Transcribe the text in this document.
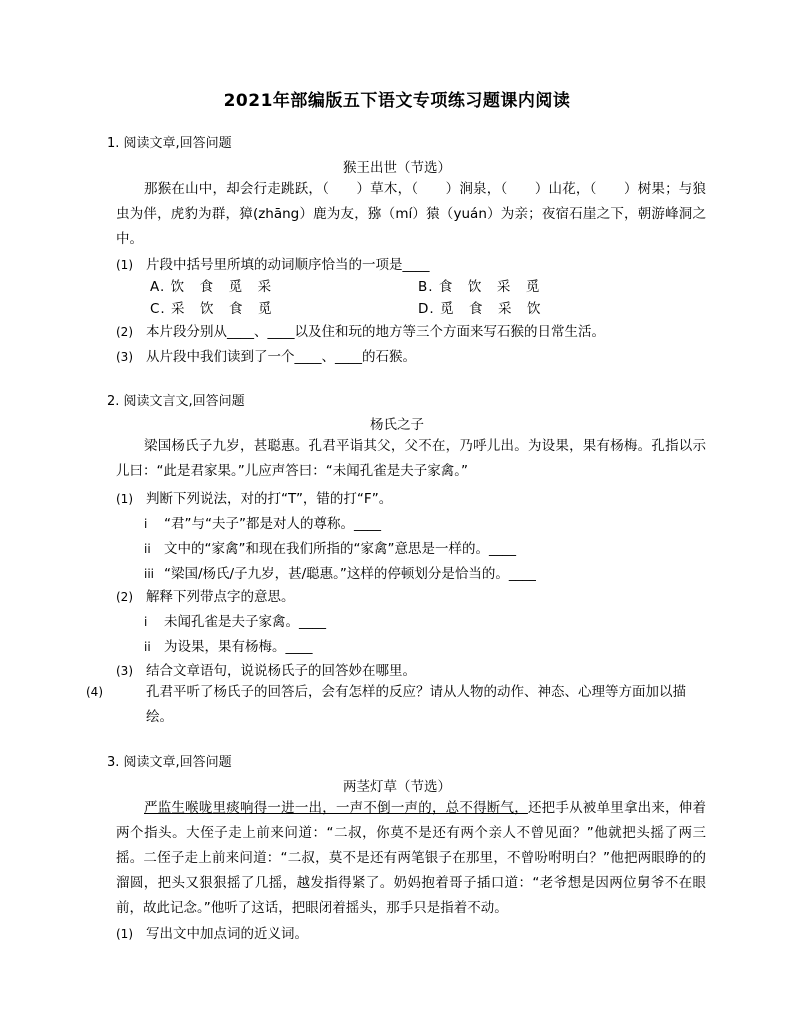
2021年部编版五下语文专项练习题课内阅读
1. 阅读文章,回答问题
猴王出世（节选）
那猴在山中，却会行走跳跃，（　　）草木，（　　）涧泉，（　　）山花，（　　）树果；与狼虫为伴，虎豹为群，獐(zhāng）鹿为友，猕（mí）猿（yuán）为亲；夜宿石崖之下，朝游峰洞之中。
(1) 片段中括号里所填的动词顺序恰当的一项是____
A. 饮　食　觅　采	B. 食　饮　采　觅
C. 采　饮　食　觅	D. 觅　食　采　饮
(2) 本片段分别从____、____以及住和玩的地方等三个方面来写石猴的日常生活。
(3) 从片段中我们读到了一个____、____的石猴。
2. 阅读文言文,回答问题
杨氏之子
梁国杨氏子九岁，甚聪惠。孔君平诣其父，父不在，乃呼儿出。为设果，果有杨梅。孔指以示儿曰：“此是君家果。”儿应声答曰：“未闻孔雀是夫子家禽。”
(1) 判断下列说法，对的打“T”，错的打“F”。
i “君”与“夫子”都是对人的尊称。____
ii 文中的“家禽”和现在我们所指的“家禽”意思是一样的。____
iii “梁国/杨氏/子九岁，甚/聪惠。”这样的停顿划分是恰当的。____
(2) 解释下列带点字的意思。
i 未闻孔雀是夫子家禽。____
ii 为设果，果有杨梅。____
(3) 结合文章语句，说说杨氏子的回答妙在哪里。
(4)	孔君平听了杨氏子的回答后，会有怎样的反应？请从人物的动作、神态、心理等方面加以描绘。
3. 阅读文章,回答问题
两茎灯草（节选）
严监生喉咙里痰响得一进一出，一声不倒一声的，总不得断气，还把手从被单里拿出来，伸着两个指头。大侄子走上前来问道：“二叔，你莫不是还有两个亲人不曾见面？”他就把头摇了两三摇。二侄子走上前来问道：“二叔，莫不是还有两笔银子在那里，不曾吩咐明白？”他把两眼睁的的溜圆，把头又狠狠摇了几摇，越发指得紧了。奶妈抱着哥子插口道：“老爷想是因两位舅爷不在眼前，故此记念。”他听了这话，把眼闭着摇头，那手只是指着不动。
(1) 写出文中加点词的近义词。
